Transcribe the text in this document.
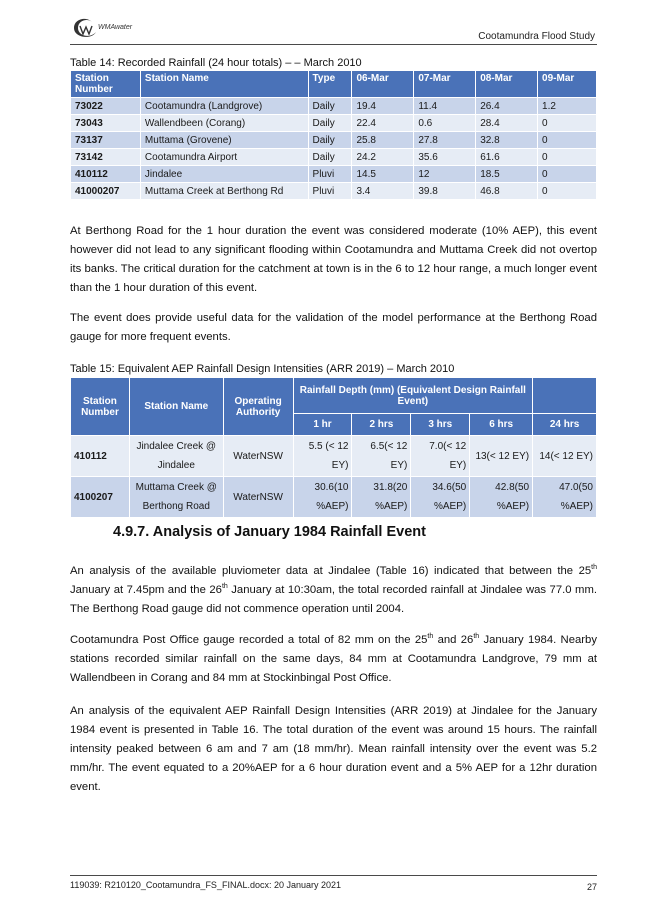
WMAwater
Cootamundra Flood Study
Table 14: Recorded Rainfall (24 hour totals) – – March 2010
Station Number	Station Name	Type	06-Mar	07-Mar	08-Mar	09-Mar
73022	Cootamundra (Landgrove)	Daily	19.4	11.4	26.4	1.2
73043	Wallendbeen (Corang)	Daily	22.4	0.6	28.4	0
73137	Muttama (Grovene)	Daily	25.8	27.8	32.8	0
73142	Cootamundra Airport	Daily	24.2	35.6	61.6	0
410112	Jindalee	Pluvi	14.5	12	18.5	0
41000207	Muttama Creek at Berthong Rd	Pluvi	3.4	39.8	46.8	0

At Berthong Road for the 1 hour duration the event was considered moderate (10% AEP), this event however did not lead to any significant flooding within Cootamundra and Muttama Creek did not overtop its banks. The critical duration for the catchment at town is in the 6 to 12 hour range, a much longer event than the 1 hour duration of this event.

The event does provide useful data for the validation of the model performance at the Berthong Road gauge for more frequent events.

Table 15: Equivalent AEP Rainfall Design Intensities (ARR 2019) – March 2010
Station Number	Station Name	Operating Authority	Rainfall Depth (mm) (Equivalent Design Rainfall Event)				
			1 hr	2 hrs	3 hrs	6 hrs	24 hrs
410112	Jindalee Creek @ Jindalee	WaterNSW	5.5 (< 12 EY)	6.5(< 12 EY)	7.0(< 12 EY)	13(< 12 EY)	14(< 12 EY)
4100207	Muttama Creek @ Berthong Road	WaterNSW	30.6(10 %AEP)	31.8(20 %AEP)	34.6(50 %AEP)	42.8(50 %AEP)	47.0(50 %AEP)
4.9.7. Analysis of January 1984 Rainfall Event

An analysis of the available pluviometer data at Jindalee (Table 16) indicated that between the 25th January at 7.45pm and the 26th January at 10:30am, the total recorded rainfall at Jindalee was 77.0 mm. The Berthong Road gauge did not commence operation until 2004.

Cootamundra Post Office gauge recorded a total of 82 mm on the 25th and 26th January 1984. Nearby stations recorded similar rainfall on the same days, 84 mm at Cootamundra Landgrove, 79 mm at Wallendbeen in Corang and 84 mm at Stockinbingal Post Office.

An analysis of the equivalent AEP Rainfall Design Intensities (ARR 2019) at Jindalee for the January 1984 event is presented in Table 16. The total duration of the event was around 15 hours. The rainfall intensity peaked between 6 am and 7 am (18 mm/hr). Mean rainfall intensity over the event was 5.2 mm/hr. The event equated to a 20%AEP for a 6 hour duration event and a 5% AEP for a 12hr duration event.

119039: R210120_Cootamundra_FS_FINAL.docx: 20 January 2021	27
